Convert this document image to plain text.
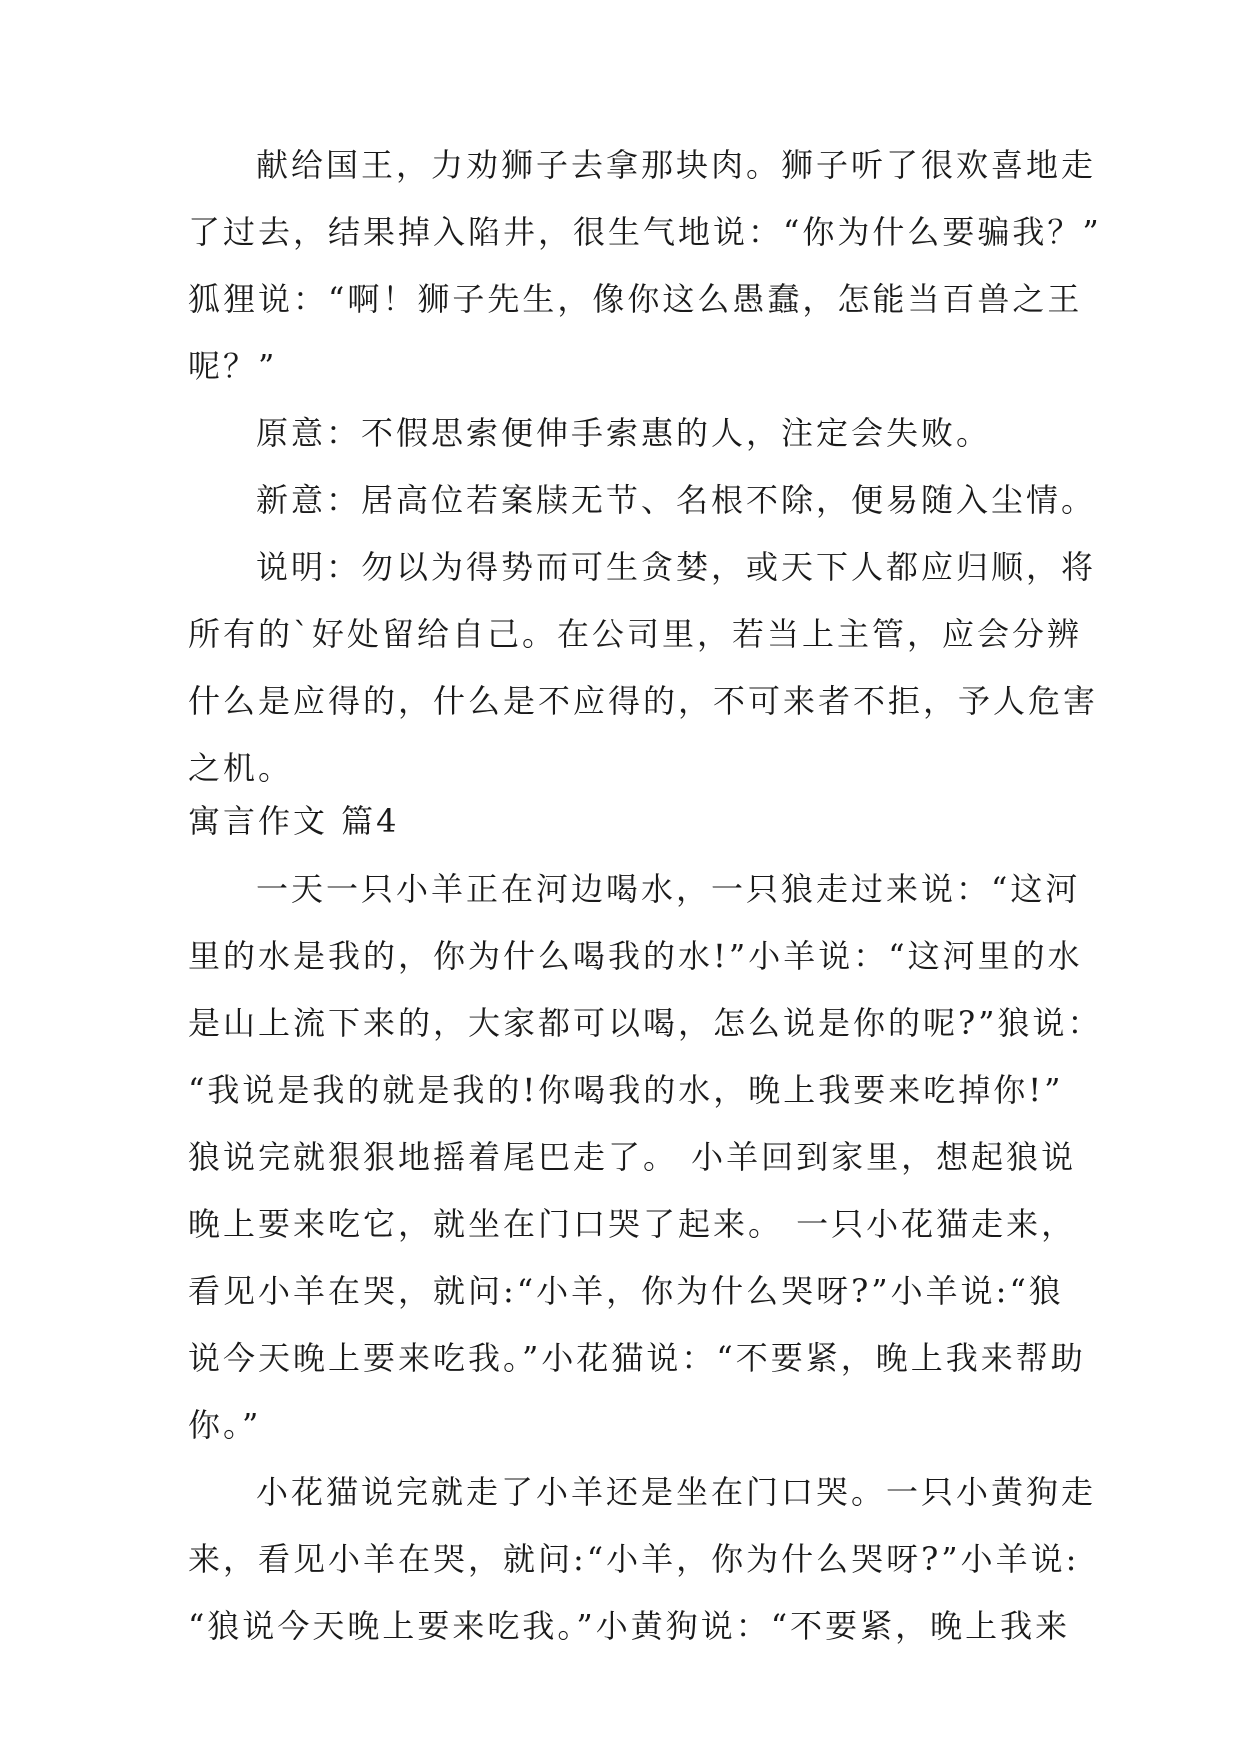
献给国王，力劝狮子去拿那块肉。狮子听了很欢喜地走
了过去，结果掉入陷井，很生气地说：“你为什么要骗我？”
狐狸说：“啊！狮子先生，像你这么愚蠢，怎能当百兽之王
呢？”
原意：不假思索便伸手索惠的人，注定会失败。
新意：居高位若案牍无节、名根不除，便易随入尘情。
说明：勿以为得势而可生贪婪，或天下人都应归顺，将
所有的`好处留给自己。在公司里，若当上主管，应会分辨
什么是应得的，什么是不应得的，不可来者不拒，予人危害
之机。
寓言作文 篇4
一天一只小羊正在河边喝水，一只狼走过来说：“这河
里的水是我的，你为什么喝我的水!”小羊说：“这河里的水
是山上流下来的，大家都可以喝，怎么说是你的呢?”狼说：
“我说是我的就是我的!你喝我的水，晚上我要来吃掉你!”
狼说完就狠狠地摇着尾巴走了。 小羊回到家里，想起狼说
晚上要来吃它，就坐在门口哭了起来。 一只小花猫走来，
看见小羊在哭，就问:“小羊，你为什么哭呀?”小羊说:“狼
说今天晚上要来吃我。”小花猫说：“不要紧，晚上我来帮助
你。”
小花猫说完就走了小羊还是坐在门口哭。一只小黄狗走
来，看见小羊在哭，就问:“小羊，你为什么哭呀?”小羊说:
“狼说今天晚上要来吃我。”小黄狗说：“不要紧，晚上我来
